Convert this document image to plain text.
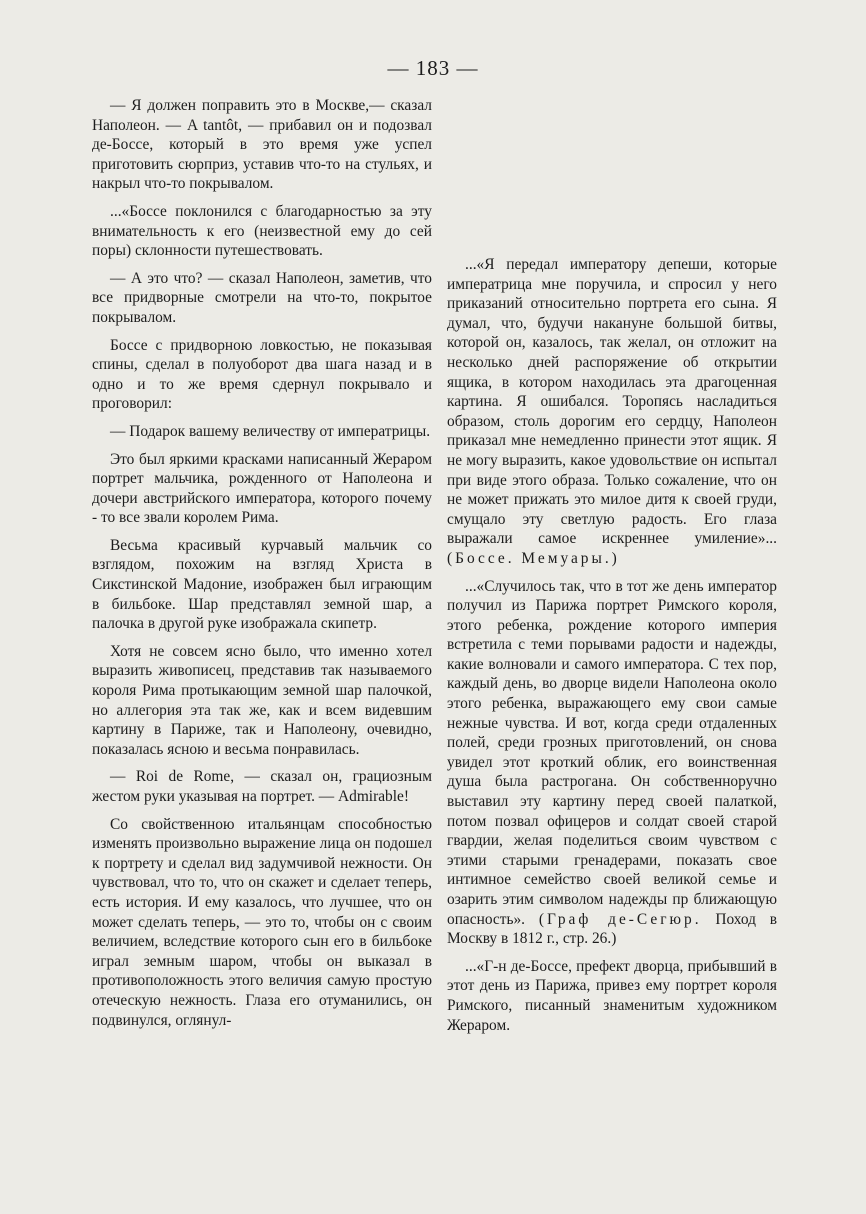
— 183 —

— Я должен поправить это в Москве,— сказал Наполеон. — A tantôt, — прибавил он и подозвал де-Боссе, который в это время уже успел приготовить сюрприз, уставив что-то на стульях, и накрыл что-то покрывалом.

...«Боссе поклонился с благодарностью за эту внимательность к его (неизвестной ему до сей поры) склонности путешествовать.

— А это что? — сказал Наполеон, заметив, что все придворные смотрели на что-то, покрытое покрывалом.

Боссе с придворною ловкостью, не показывая спины, сделал в полуоборот два шага назад и в одно и то же время сдернул покрывало и проговорил:

— Подарок вашему величеству от императрицы.

Это был яркими красками написанный Жераром портрет мальчика, рожденного от Наполеона и дочери австрийского императора, которого почему - то все звали королем Рима.

Весьма красивый курчавый мальчик со взглядом, похожим на взгляд Христа в Сикстинской Мадоние, изображен был играющим в бильбоке. Шар представлял земной шар, а палочка в другой руке изображала скипетр.

Хотя не совсем ясно было, что именно хотел выразить живописец, представив так называемого короля Рима протыкающим земной шар палочкой, но аллегория эта так же, как и всем видевшим картину в Париже, так и Наполеону, очевидно, показалась ясною и весьма понравилась.

— Roi de Rome, — сказал он, грациозным жестом руки указывая на портрет. — Admirable!

Со свойственною итальянцам способностью изменять произвольно выражение лица он подошел к портрету и сделал вид задумчивой нежности. Он чувствовал, что то, что он скажет и сделает теперь, есть история. И ему казалось, что лучшее, что он может сделать теперь, — это то, чтобы он с своим величием, вследствие которого сын его в бильбоке играл земным шаром, чтобы он выказал в противоположность этого величия самую простую отеческую нежность. Глаза его отуманились, он подвинулся, оглянул-

...«Я передал императору депеши, которые императрица мне поручила, и спросил у него приказаний относительно портрета его сына. Я думал, что, будучи накануне большой битвы, которой он, казалось, так желал, он отложит на несколько дней распоряжение об открытии ящика, в котором находилась эта драгоценная картина. Я ошибался. Торопясь насладиться образом, столь дорогим его сердцу, Наполеон приказал мне немедленно принести этот ящик. Я не могу выразить, какое удовольствие он испытал при виде этого образа. Только сожаление, что он не может прижать это милое дитя к своей груди, смущало эту светлую радость. Его глаза выражали самое искреннее умиление»... (Боссе. Мемуары.)

...«Случилось так, что в тот же день император получил из Парижа портрет Римского короля, этого ребенка, рождение которого империя встретила с теми порывами радости и надежды, какие волновали и самого императора. С тех пор, каждый день, во дворце видели Наполеона около этого ребенка, выражающего ему свои самые нежные чувства. И вот, когда среди отдаленных полей, среди грозных приготовлений, он снова увидел этот кроткий облик, его воинственная душа была растрогана. Он собственноручно выставил эту картину перед своей палаткой, потом позвал офицеров и солдат своей старой гвардии, желая поделиться своим чувством с этими старыми гренадерами, показать свое интимное семейство своей великой семье и озарить этим символом надежды пр ближающую опасность». (Граф де-Сегюр. Поход в Москву в 1812 г., стр. 26.)

...«Г-н де-Боссе, префект дворца, прибывший в этот день из Парижа, привез ему портрет короля Римского, писанный знаменитым художником Жераром.
